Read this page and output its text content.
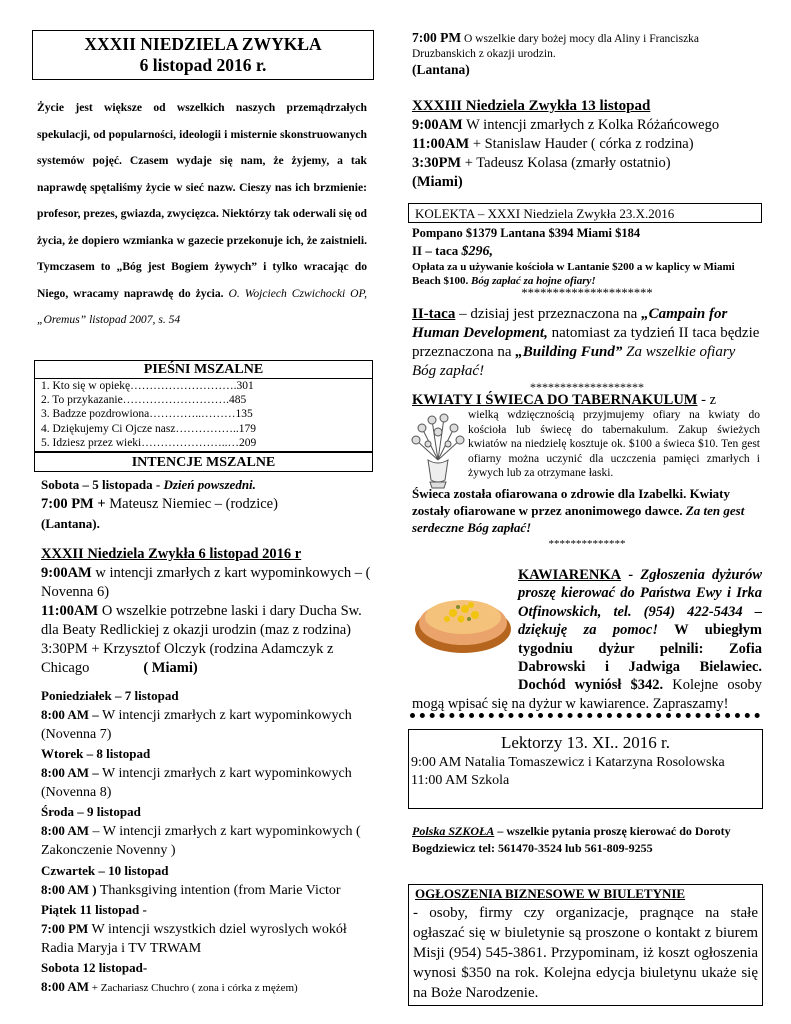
XXXII NIEDZIELA ZWYKŁA
6 listopad 2016 r.
Życie jest większe od wszelkich naszych przemądrzałych spekulacji, od popularności, ideologii i misternie skonstruowanych systemów pojęć. Czasem wydaje się nam, że żyjemy, a tak naprawdę spętaliśmy życie w sieć nazw. Cieszy nas ich brzmienie: profesor, prezes, gwiazda, zwycięzca. Niektórzy tak oderwali się od życia, że dopiero wzmianka w gazecie przekonuje ich, że zaistnieli. Tymczasem to „Bóg jest Bogiem żywych” i tylko wracając do Niego, wracamy naprawdę do życia. O. Wojciech Czwichocki OP, „Oremus” listopad 2007, s. 54
PIEŚNI MSZALNE
1. Kto się w opiekę……………………….301
2. To przykazanie……………………….485
3. Badzze pozdrowiona…………..………135
4. Dziękujemy Ci Ojcze nasz……………..179
5. Idziesz przez wieki…………………..…209
INTENCJE MSZALNE
Sobota – 5 listopada - Dzień powszedni.
7:00 PM + Mateusz Niemiec – (rodzice)
(Lantana).
XXXII Niedziela Zwykła 6 listopad 2016 r
9:00AM w intencji zmarłych z kart wypominkowych – ( Novenna 6)
11:00AM O wszelkie potrzebne laski i dary Ducha Sw. dla Beaty Redlickiej z okazji urodzin (maz z rodzina)
3:30PM + Krzysztof Olczyk (rodzina Adamczyk z Chicago	( Miami)
Poniedziałek – 7 listopad
8:00 AM – W intencji zmarłych z kart wypominkowych (Novenna 7)
Wtorek – 8 listopad
8:00 AM – W intencji zmarłych z kart wypominkowych (Novenna 8)
Środa – 9 listopad
8:00 AM – W intencji zmarłych z kart wypominkowych ( Zakonczenie Novenny )
Czwartek – 10 listopad
8:00 AM ) Thanksgiving intention (from Marie Victor
Piątek 11 listopad -
7:00 PM W intencji wszystkich dziel wyroslych wokół Radia Maryja i TV TRWAM
Sobota 12 listopad-
8:00 AM + Zachariasz Chuchro ( zona i córka z mężem)
7:00 PM O wszelkie dary bożej mocy dla Aliny i Franciszka Druzbanskich z okazji urodzin.
(Lantana)
XXXIII Niedziela Zwykła 13 listopad
9:00AM W intencji zmarłych z Kolka Różańcowego
11:00AM + Stanislaw Hauder ( córka z rodzina)
3:30PM + Tadeusz Kolasa (zmarły ostatnio)
(Miami)
KOLEKTA – XXXI Niedziela Zwykła 23.X.2016
Pompano $1379 Lantana $394 Miami $184
II – taca $296,
Opłata za u używanie kościoła w Lantanie $200 a w kaplicy w Miami Beach $100. Bóg zapłać za hojne ofiary!
*********************
II-taca – dzisiaj jest przeznaczona na „Campain for Human Development, natomiast za tydzień II taca będzie przeznaczona na „Building Fund” Za wszelkie ofiary Bóg zapłać!
*******************
KWIATY I ŚWIECA DO TABERNAKULUM - z
wielką wdzięcznością przyjmujemy ofiary na kwiaty do kościoła lub świecę do tabernakulum. Zakup świeżych kwiatów na niedzielę kosztuje ok. $100 a świeca $10. Ten gest ofiarny można uczynić dla uczczenia pamięci zmarłych i żywych lub za otrzymane łaski.
Świeca została ofiarowana o zdrowie dla Izabelki. Kwiaty zostały ofiarowane w przez anonimowego dawce. Za ten gest serdeczne Bóg zapłać!
**************
KAWIARENKA - Zgłoszenia dyżurów proszę kierować do Państwa Ewy i Irka Otfinowskich, tel. (954) 422-5434 – dziękuję za pomoc! W ubiegłym tygodniu dyżur pelnili: Zofia Dabrowski i Jadwiga Bielawiec. Dochód wyniósł $342. Kolejne osoby mogą wpisać się na dyżur w kawiarence. Zapraszamy!
Lektorzy 13. XI.. 2016 r.
9:00 AM Natalia Tomaszewicz i Katarzyna Rosolowska
11:00 AM Szkola
Polska SZKOŁA – wszelkie pytania proszę kierować do Doroty Bogdziewicz tel: 561470-3524 lub 561-809-9255
OGŁOSZENIA BIZNESOWE W BIULETYNIE
- osoby, firmy czy organizacje, pragnące na stałe ogłaszać się w biuletynie są proszone o kontakt z biurem Misji (954) 545-3861. Przypominam, iż koszt ogłoszenia wynosi $350 na rok. Kolejna edycja biuletynu ukaże się na Boże Narodzenie.
